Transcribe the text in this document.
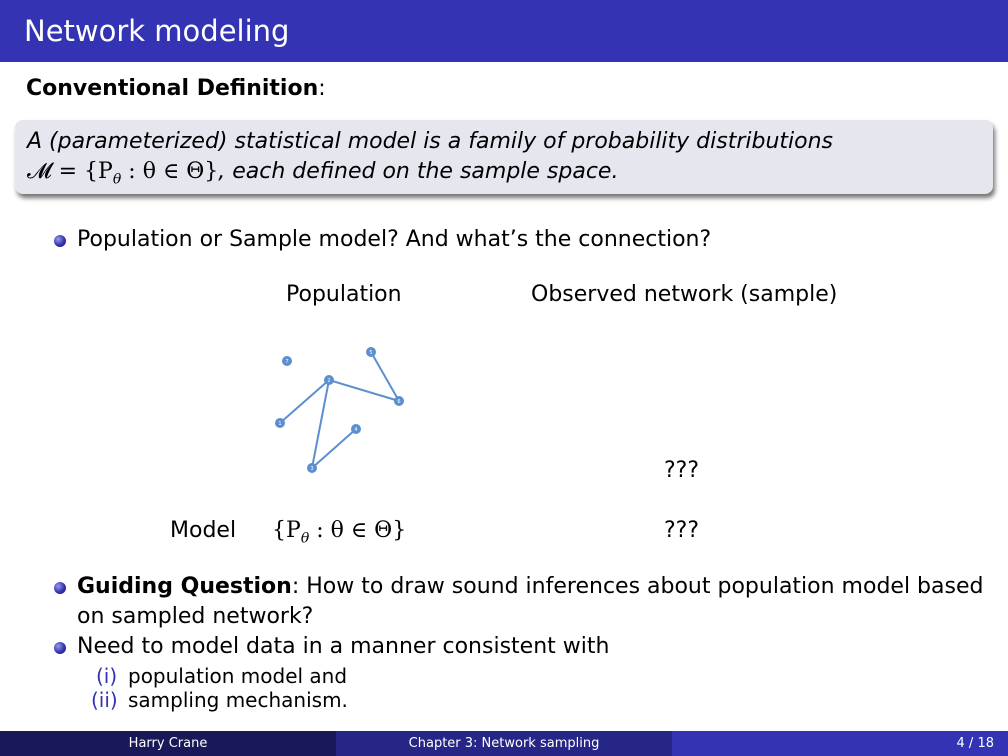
Network modeling
Conventional Definition:
A (parameterized) statistical model is a family of probability distributions
𝓜 = {$P_\theta$ : θ ∈ Θ}, each defined on the sample space.
Population or Sample model? And what’s the connection?
Population	Observed network (sample)
7
5
2
6
1
4
3	???
Model {$P_\theta$ : θ ∈ Θ}	???
Guiding Question: How to draw sound inferences about population model based
on sampled network?
Need to model data in a manner consistent with
(i) population model and
(ii) sampling mechanism.
Harry Crane	Chapter 3: Network sampling	4 / 18
